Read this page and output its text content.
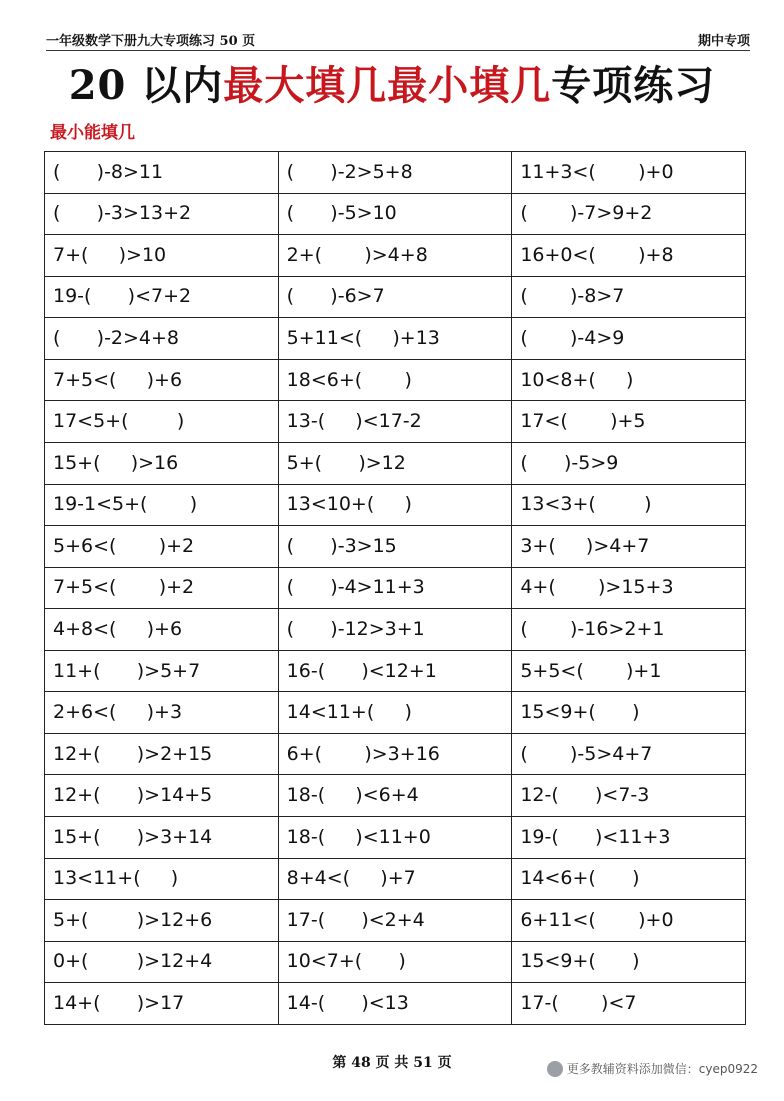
一年级数学下册九大专项练习 50 页	期中专项
20 以内最大填几最小填几专项练习
最小能填几
(      )-8>11	(      )-2>5+8	11+3<(       )+0
(      )-3>13+2	(      )-5>10	(       )-7>9+2
7+(     )>10	2+(       )>4+8	16+0<(       )+8
19-(      )<7+2	(      )-6>7	(       )-8>7
(      )-2>4+8	5+11<(     )+13	(       )-4>9
7+5<(     )+6	18<6+(       )	10<8+(     )
17<5+(        )	13-(     )<17-2	17<(       )+5
15+(     )>16	5+(      )>12	(      )-5>9
19-1<5+(       )	13<10+(     )	13<3+(        )
5+6<(       )+2	(      )-3>15	3+(     )>4+7
7+5<(       )+2	(      )-4>11+3	4+(       )>15+3
4+8<(     )+6	(      )-12>3+1	(       )-16>2+1
11+(      )>5+7	16-(      )<12+1	5+5<(       )+1
2+6<(     )+3	14<11+(     )	15<9+(      )
12+(      )>2+15	6+(       )>3+16	(       )-5>4+7
12+(      )>14+5	18-(     )<6+4	12-(      )<7-3
15+(      )>3+14	18-(     )<11+0	19-(      )<11+3
13<11+(     )	8+4<(     )+7	14<6+(      )
5+(        )>12+6	17-(      )<2+4	6+11<(       )+0
0+(        )>12+4	10<7+(      )	15<9+(      )
14+(      )>17	14-(      )<13	17-(       )<7
第 48 页 共 51 页	更多教辅资料添加微信：cyep0922
